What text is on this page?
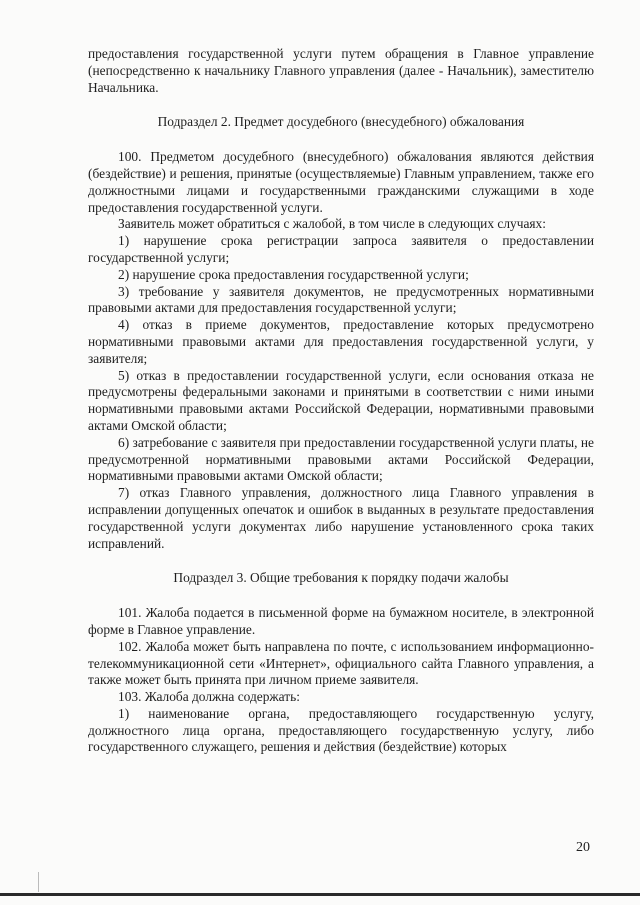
предоставления государственной услуги путем обращения в Главное управление (непосредственно к начальнику Главного управления (далее - Начальник), заместителю Начальника.

Подраздел 2. Предмет досудебного (внесудебного) обжалования

100. Предметом досудебного (внесудебного) обжалования являются действия (бездействие) и решения, принятые (осуществляемые) Главным управлением, также его должностными лицами и государственными гражданскими служащими в ходе предоставления государственной услуги.

Заявитель может обратиться с жалобой, в том числе в следующих случаях:

1) нарушение срока регистрации запроса заявителя о предоставлении государственной услуги;

2) нарушение срока предоставления государственной услуги;

3) требование у заявителя документов, не предусмотренных нормативными правовыми актами для предоставления государственной услуги;

4) отказ в приеме документов, предоставление которых предусмотрено нормативными правовыми актами для предоставления государственной услуги, у заявителя;

5) отказ в предоставлении государственной услуги, если основания отказа не предусмотрены федеральными законами и принятыми в соответствии с ними иными нормативными правовыми актами Российской Федерации, нормативными правовыми актами Омской области;

6) затребование с заявителя при предоставлении государственной услуги платы, не предусмотренной нормативными правовыми актами Российской Федерации, нормативными правовыми актами Омской области;

7) отказ Главного управления, должностного лица Главного управления в исправлении допущенных опечаток и ошибок в выданных в результате предоставления государственной услуги документах либо нарушение установленного срока таких исправлений.

Подраздел 3. Общие требования к порядку подачи жалобы

101. Жалоба подается в письменной форме на бумажном носителе, в электронной форме в Главное управление.

102. Жалоба может быть направлена по почте, с использованием информационно-телекоммуникационной сети «Интернет», официального сайта Главного управления, а также может быть принята при личном приеме заявителя.

103. Жалоба должна содержать:

1) наименование органа, предоставляющего государственную услугу, должностного лица органа, предоставляющего государственную услугу, либо государственного служащего, решения и действия (бездействие) которых

20
